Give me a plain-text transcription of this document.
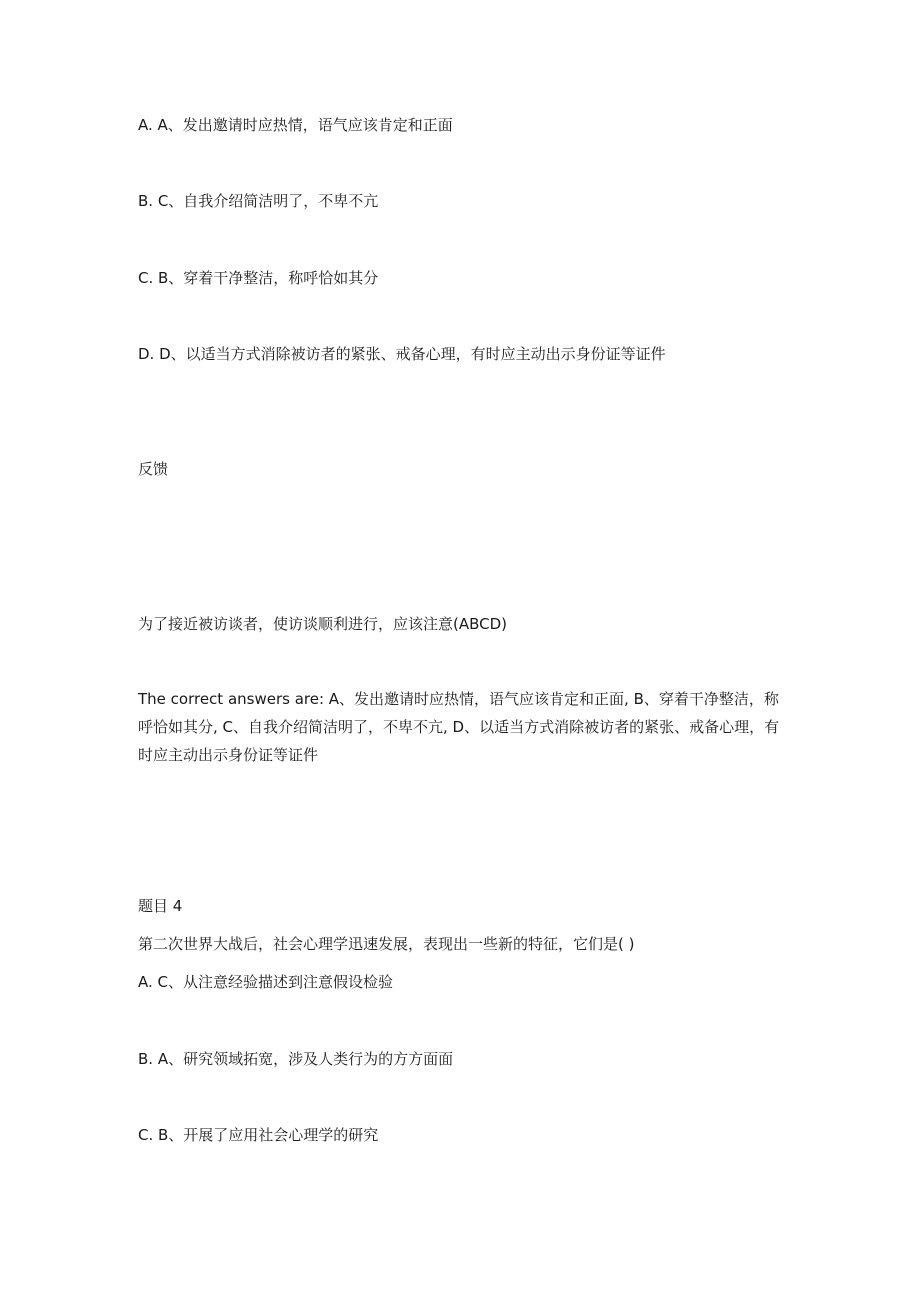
A. A、发出邀请时应热情，语气应该肯定和正面

B. C、自我介绍简洁明了，不卑不亢

C. B、穿着干净整洁，称呼恰如其分

D. D、以适当方式消除被访者的紧张、戒备心理，有时应主动出示身份证等证件

反馈

为了接近被访谈者，使访谈顺利进行，应该注意(ABCD)

The correct answers are: A、发出邀请时应热情，语气应该肯定和正面, B、穿着干净整洁，称呼恰如其分, C、自我介绍简洁明了，不卑不亢, D、以适当方式消除被访者的紧张、戒备心理，有时应主动出示身份证等证件

题目 4

第二次世界大战后，社会心理学迅速发展，表现出一些新的特征，它们是( )

A. C、从注意经验描述到注意假设检验

B. A、研究领域拓宽，涉及人类行为的方方面面

C. B、开展了应用社会心理学的研究
